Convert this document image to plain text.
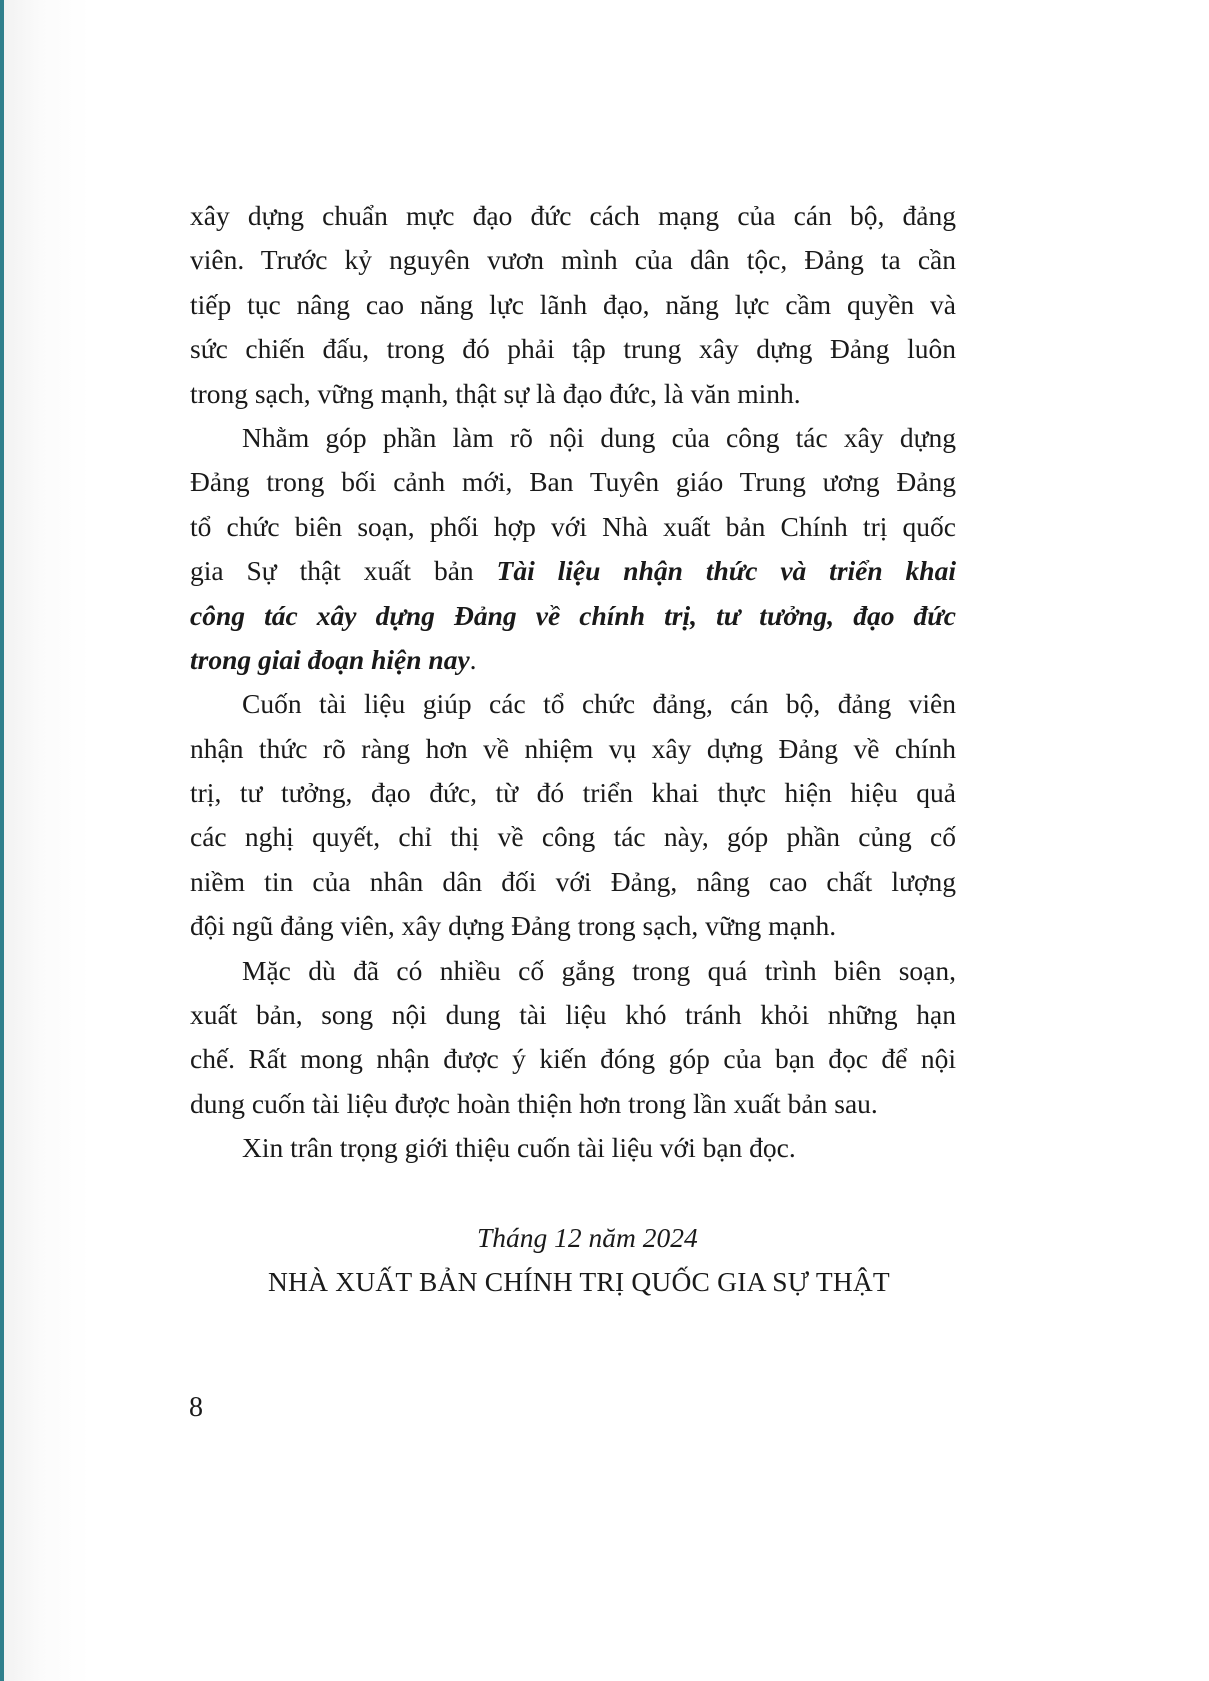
xây dựng chuẩn mực đạo đức cách mạng của cán bộ, đảng
viên. Trước kỷ nguyên vươn mình của dân tộc, Đảng ta cần
tiếp tục nâng cao năng lực lãnh đạo, năng lực cầm quyền và
sức chiến đấu, trong đó phải tập trung xây dựng Đảng luôn
trong sạch, vững mạnh, thật sự là đạo đức, là văn minh.
Nhằm góp phần làm rõ nội dung của công tác xây dựng
Đảng trong bối cảnh mới, Ban Tuyên giáo Trung ương Đảng
tổ chức biên soạn, phối hợp với Nhà xuất bản Chính trị quốc
gia Sự thật xuất bản Tài liệu nhận thức và triển khai
công tác xây dựng Đảng về chính trị, tư tưởng, đạo đức
trong giai đoạn hiện nay.
Cuốn tài liệu giúp các tổ chức đảng, cán bộ, đảng viên
nhận thức rõ ràng hơn về nhiệm vụ xây dựng Đảng về chính
trị, tư tưởng, đạo đức, từ đó triển khai thực hiện hiệu quả
các nghị quyết, chỉ thị về công tác này, góp phần củng cố
niềm tin của nhân dân đối với Đảng, nâng cao chất lượng
đội ngũ đảng viên, xây dựng Đảng trong sạch, vững mạnh.
Mặc dù đã có nhiều cố gắng trong quá trình biên soạn,
xuất bản, song nội dung tài liệu khó tránh khỏi những hạn
chế. Rất mong nhận được ý kiến đóng góp của bạn đọc để nội
dung cuốn tài liệu được hoàn thiện hơn trong lần xuất bản sau.
Xin trân trọng giới thiệu cuốn tài liệu với bạn đọc.
Tháng 12 năm 2024
NHÀ XUẤT BẢN CHÍNH TRỊ QUỐC GIA SỰ THẬT
8
